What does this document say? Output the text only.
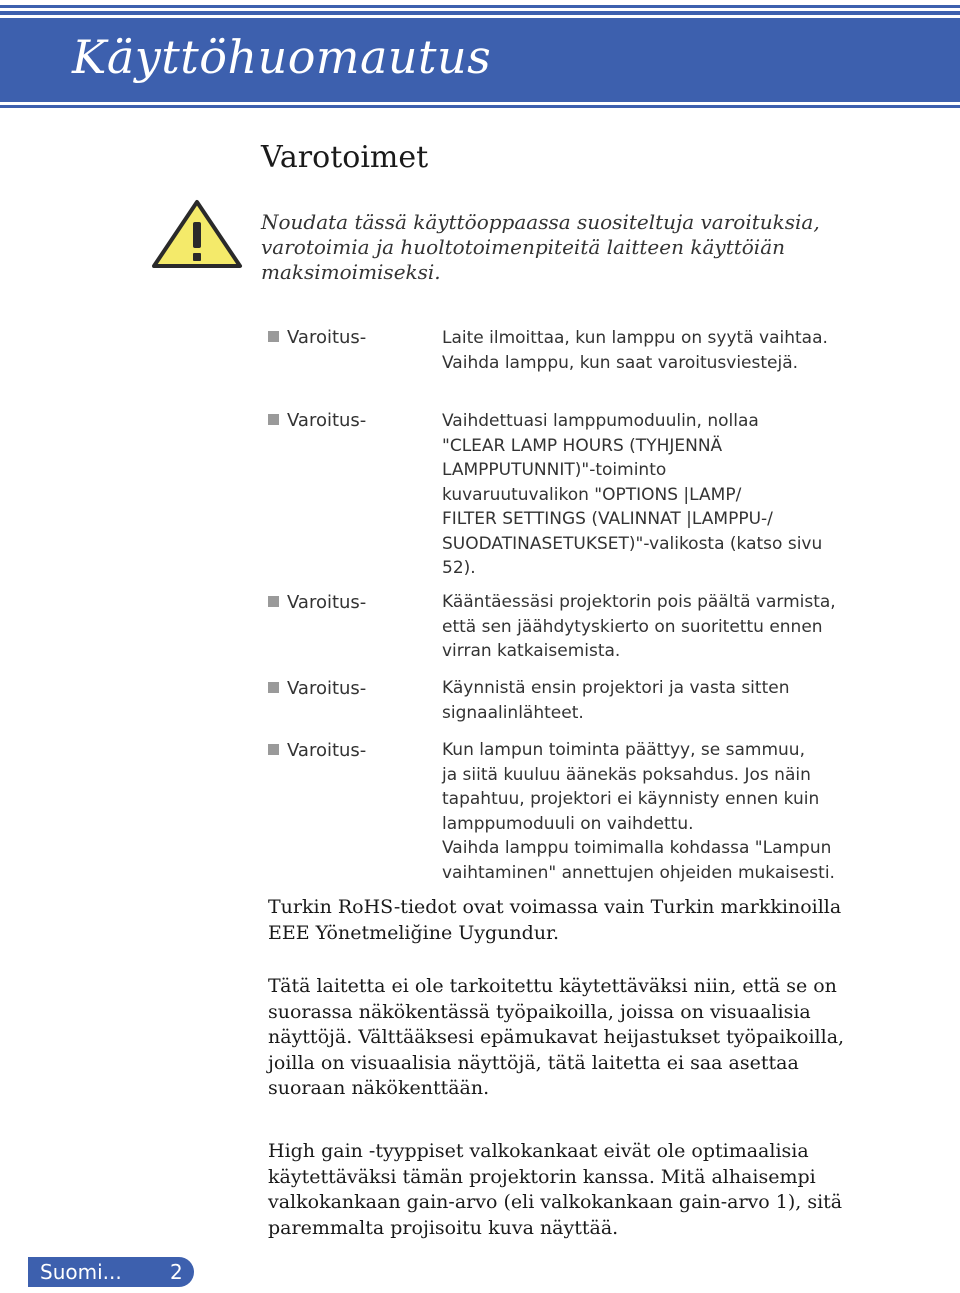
Käyttöhuomautus
Varotoimet
Noudata tässä käyttöoppaassa suositeltuja varoituksia,
varotoimia ja huoltotoimenpiteitä laitteen käyttöiän
maksimoimiseksi.
Varoitus-	Laite ilmoittaa, kun lamppu on syytä vaihtaa.
Vaihda lamppu, kun saat varoitusviestejä.
Varoitus-	Vaihdettuasi lamppumoduulin, nollaa
"CLEAR LAMP HOURS (TYHJENNÄ
LAMPPUTUNNIT)"-toiminto
kuvaruutuvalikon "OPTIONS |LAMP/
FILTER SETTINGS (VALINNAT |LAMPPU-/
SUODATINASETUKSET)"-valikosta (katso sivu
52).
Varoitus-	Kääntäessäsi projektorin pois päältä varmista,
että sen jäähdytyskierto on suoritettu ennen
virran katkaisemista.
Varoitus-	Käynnistä ensin projektori ja vasta sitten
signaalinlähteet.
Varoitus-	Kun lampun toiminta päättyy, se sammuu,
ja siitä kuuluu äänekäs poksahdus. Jos näin
tapahtuu, projektori ei käynnisty ennen kuin
lamppumoduuli on vaihdettu.
Vaihda lamppu toimimalla kohdassa "Lampun
vaihtaminen" annettujen ohjeiden mukaisesti.
Turkin RoHS-tiedot ovat voimassa vain Turkin markkinoilla
EEE Yönetmeliğine Uygundur.
Tätä laitetta ei ole tarkoitettu käytettäväksi niin, että se on
suorassa näkökentässä työpaikoilla, joissa on visuaalisia
näyttöjä. Välttääksesi epämukavat heijastukset työpaikoilla,
joilla on visuaalisia näyttöjä, tätä laitetta ei saa asettaa
suoraan näkökenttään.
High gain -tyyppiset valkokankaat eivät ole optimaalisia
käytettäväksi tämän projektorin kanssa. Mitä alhaisempi
valkokankaan gain-arvo (eli valkokankaan gain-arvo 1), sitä
paremmalta projisoitu kuva näyttää.
Suomi... 2
